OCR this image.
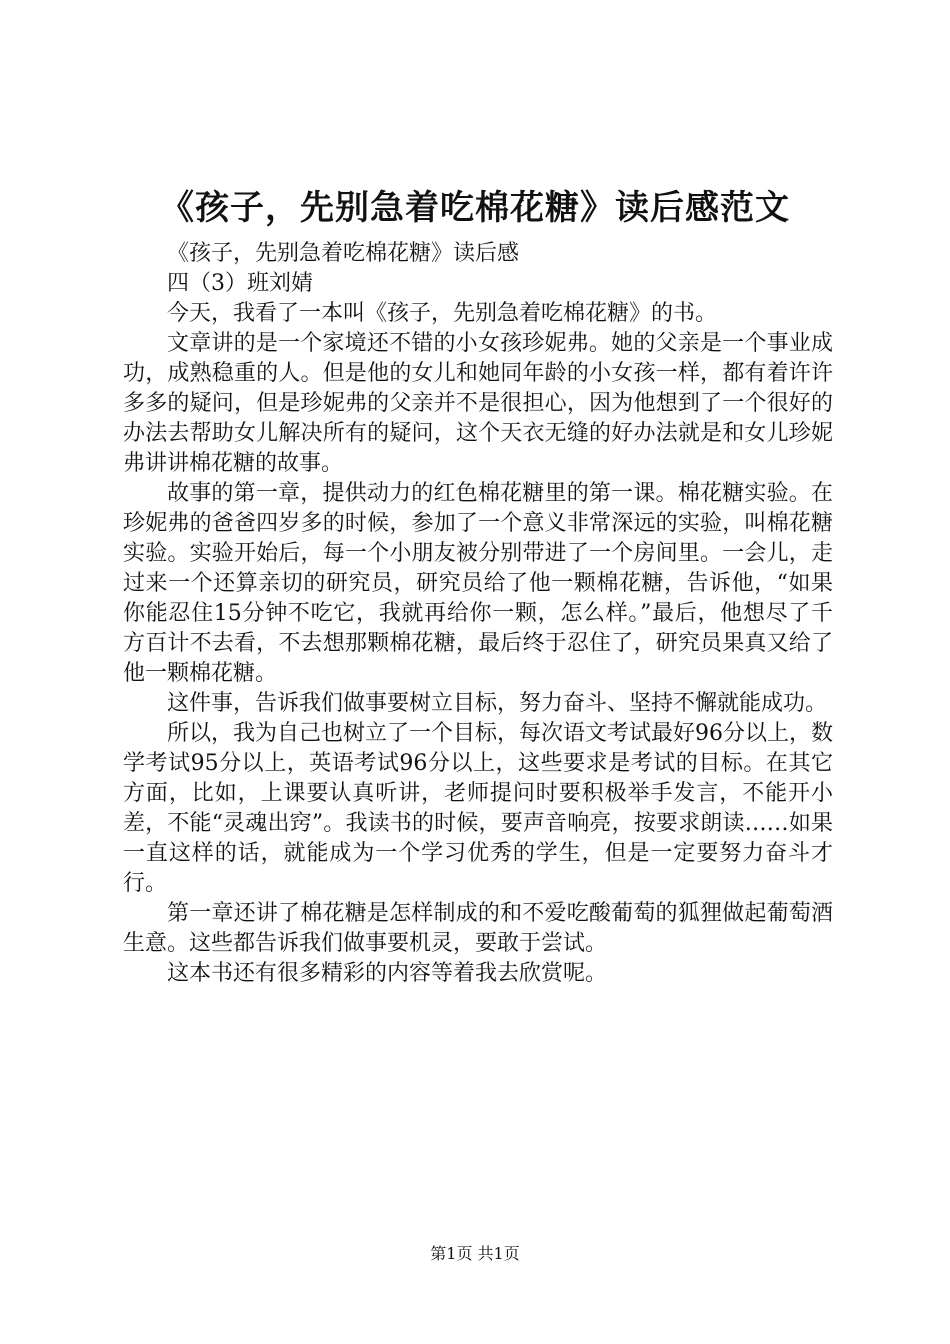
《孩子，先别急着吃棉花糖》读后感范文

《孩子，先别急着吃棉花糖》读后感

四（3）班刘婧

今天，我看了一本叫《孩子，先别急着吃棉花糖》的书。

文章讲的是一个家境还不错的小女孩珍妮弗。她的父亲是一个事业成功，成熟稳重的人。但是他的女儿和她同年龄的小女孩一样，都有着许许多多的疑问，但是珍妮弗的父亲并不是很担心，因为他想到了一个很好的办法去帮助女儿解决所有的疑问，这个天衣无缝的好办法就是和女儿珍妮弗讲讲棉花糖的故事。

故事的第一章，提供动力的红色棉花糖里的第一课。棉花糖实验。在珍妮弗的爸爸四岁多的时候，参加了一个意义非常深远的实验，叫棉花糖实验。实验开始后，每一个小朋友被分别带进了一个房间里。一会儿，走过来一个还算亲切的研究员，研究员给了他一颗棉花糖，告诉他，“如果你能忍住15分钟不吃它，我就再给你一颗，怎么样。”最后，他想尽了千方百计不去看，不去想那颗棉花糖，最后终于忍住了，研究员果真又给了他一颗棉花糖。

这件事，告诉我们做事要树立目标，努力奋斗、坚持不懈就能成功。

所以，我为自己也树立了一个目标，每次语文考试最好96分以上，数学考试95分以上，英语考试96分以上，这些要求是考试的目标。在其它方面，比如，上课要认真听讲，老师提问时要积极举手发言，不能开小差，不能“灵魂出窍”。我读书的时候，要声音响亮，按要求朗读……如果一直这样的话，就能成为一个学习优秀的学生，但是一定要努力奋斗才行。

第一章还讲了棉花糖是怎样制成的和不爱吃酸葡萄的狐狸做起葡萄酒生意。这些都告诉我们做事要机灵，要敢于尝试。

这本书还有很多精彩的内容等着我去欣赏呢。

第1页 共1页
